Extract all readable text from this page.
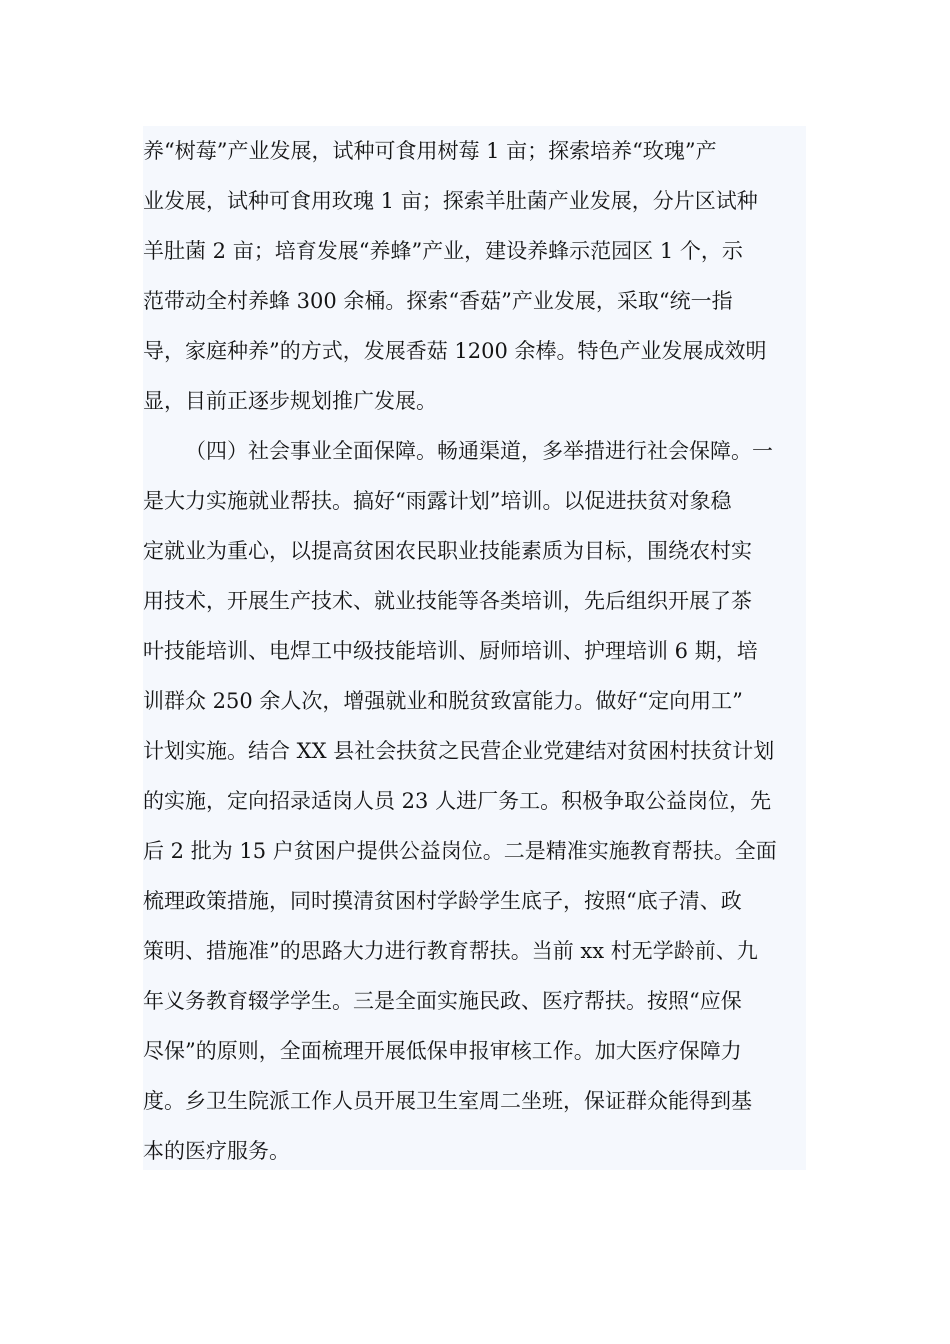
养“树莓”产业发展，试种可食用树莓 1 亩；探索培养“玫瑰”产
业发展，试种可食用玫瑰 1 亩；探索羊肚菌产业发展，分片区试种
羊肚菌 2 亩；培育发展“养蜂”产业，建设养蜂示范园区 1 个，示
范带动全村养蜂 300 余桶。探索“香菇”产业发展，采取“统一指
导，家庭种养”的方式，发展香菇 1200 余棒。特色产业发展成效明
显，目前正逐步规划推广发展。
（四）社会事业全面保障。畅通渠道，多举措进行社会保障。一
是大力实施就业帮扶。搞好“雨露计划”培训。以促进扶贫对象稳
定就业为重心，以提高贫困农民职业技能素质为目标，围绕农村实
用技术，开展生产技术、就业技能等各类培训，先后组织开展了茶
叶技能培训、电焊工中级技能培训、厨师培训、护理培训 6 期，培
训群众 250 余人次，增强就业和脱贫致富能力。做好“定向用工”
计划实施。结合 XX 县社会扶贫之民营企业党建结对贫困村扶贫计划
的实施，定向招录适岗人员 23 人进厂务工。积极争取公益岗位，先
后 2 批为 15 户贫困户提供公益岗位。二是精准实施教育帮扶。全面
梳理政策措施，同时摸清贫困村学龄学生底子，按照“底子清、政
策明、措施准”的思路大力进行教育帮扶。当前 xx 村无学龄前、九
年义务教育辍学学生。三是全面实施民政、医疗帮扶。按照“应保
尽保”的原则，全面梳理开展低保申报审核工作。加大医疗保障力
度。乡卫生院派工作人员开展卫生室周二坐班，保证群众能得到基
本的医疗服务。
